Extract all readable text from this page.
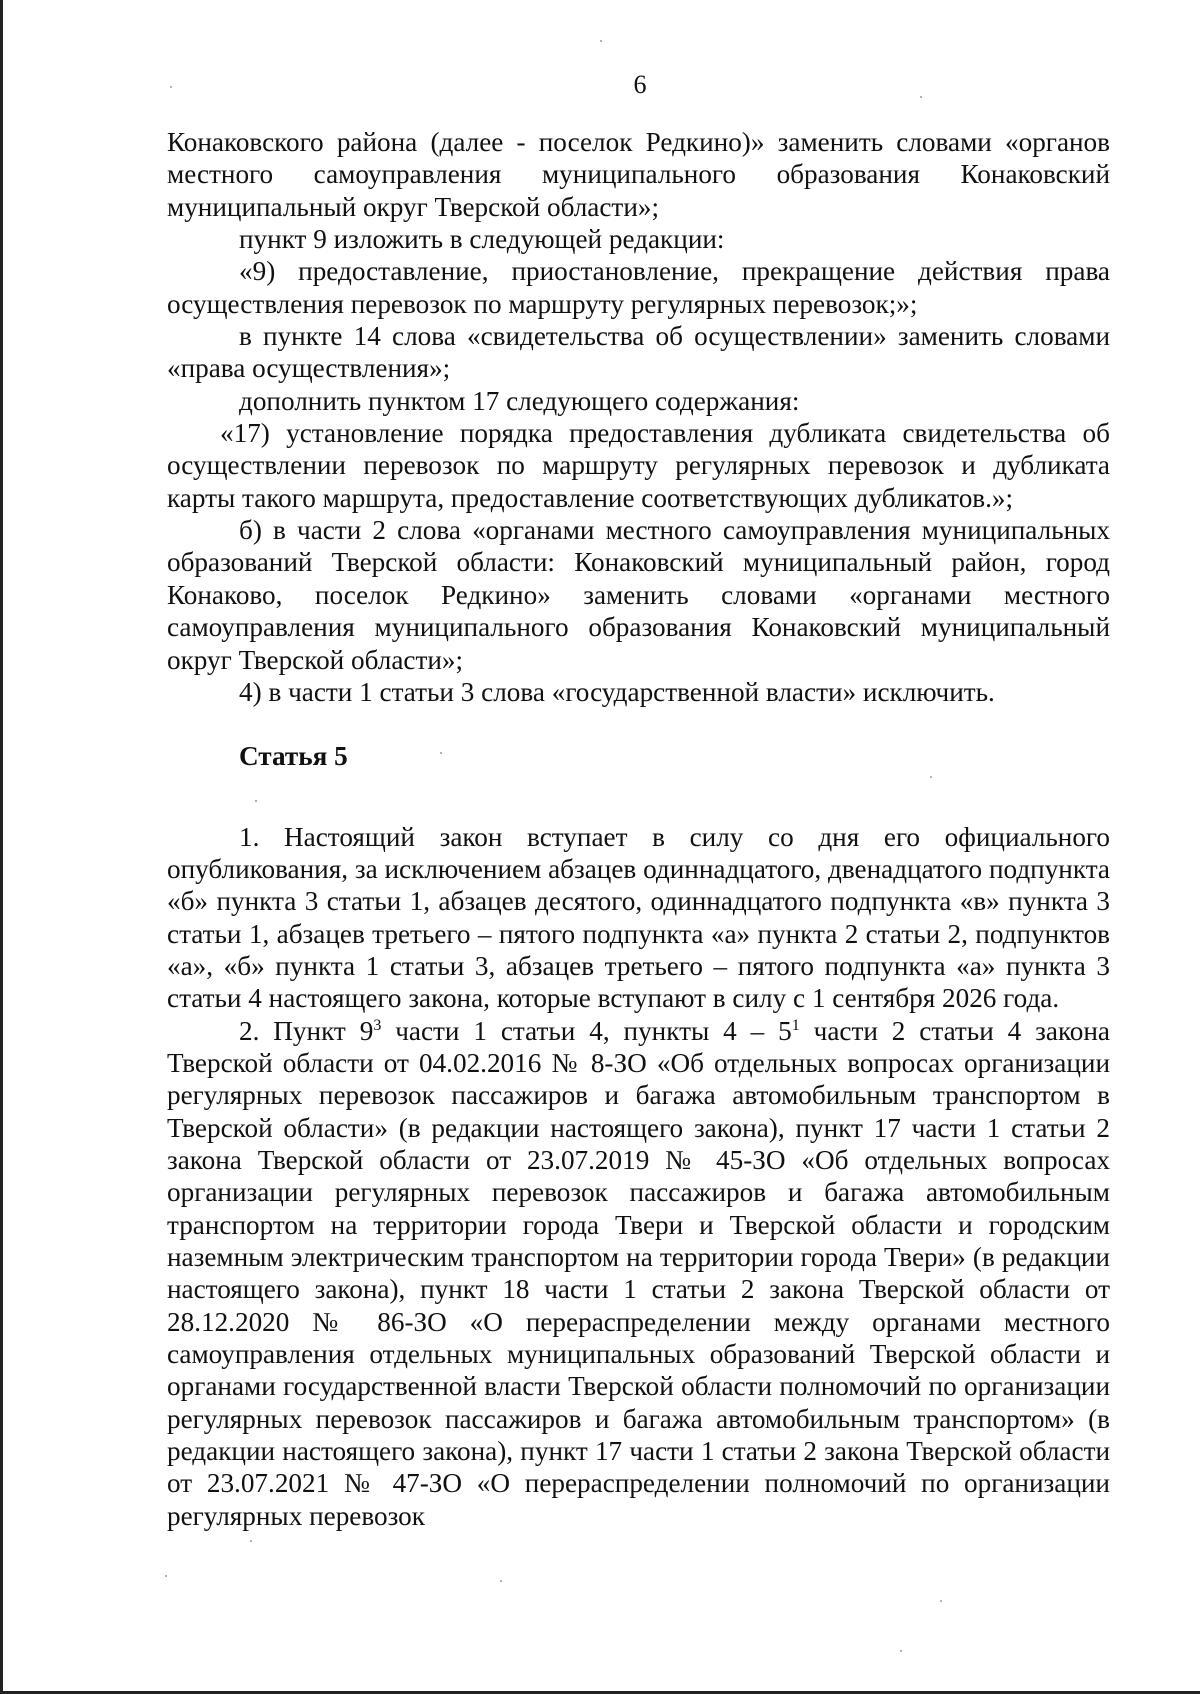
6

Конаковского района (далее - поселок Редкино)» заменить словами «органов местного самоуправления муниципального образования Конаковский муниципальный округ Тверской области»;

пункт 9 изложить в следующей редакции:

«9) предоставление, приостановление, прекращение действия права осуществления перевозок по маршруту регулярных перевозок;»;

в пункте 14 слова «свидетельства об осуществлении» заменить словами «права осуществления»;

дополнить пунктом 17 следующего содержания:

«17) установление порядка предоставления дубликата свидетельства об осуществлении перевозок по маршруту регулярных перевозок и дубликата карты такого маршрута, предоставление соответствующих дубликатов.»;

б) в части 2 слова «органами местного самоуправления муниципальных образований Тверской области: Конаковский муниципальный район, город Конаково, поселок Редкино» заменить словами «органами местного самоуправления муниципального образования Конаковский муниципальный округ Тверской области»;

4) в части 1 статьи 3 слова «государственной власти» исключить.

Статья 5

1. Настоящий закон вступает в силу со дня его официального опубликования, за исключением абзацев одиннадцатого, двенадцатого подпункта «б» пункта 3 статьи 1, абзацев десятого, одиннадцатого подпункта «в» пункта 3 статьи 1, абзацев третьего – пятого подпункта «а» пункта 2 статьи 2, подпунктов «а», «б» пункта 1 статьи 3, абзацев третьего – пятого подпункта «а» пункта 3 статьи 4 настоящего закона, которые вступают в силу с 1 сентября 2026 года.

2. Пункт $9^3$ части 1 статьи 4, пункты $4 - 5^1$ части 2 статьи 4 закона Тверской области от 04.02.2016 № 8-ЗО «Об отдельных вопросах организации регулярных перевозок пассажиров и багажа автомобильным транспортом в Тверской области» (в редакции настоящего закона), пункт 17 части 1 статьи 2 закона Тверской области от 23.07.2019 № 45-ЗО «Об отдельных вопросах организации регулярных перевозок пассажиров и багажа автомобильным транспортом на территории города Твери и Тверской области и городским наземным электрическим транспортом на территории города Твери» (в редакции настоящего закона), пункт 18 части 1 статьи 2 закона Тверской области от 28.12.2020 № 86-ЗО «О перераспределении между органами местного самоуправления отдельных муниципальных образований Тверской области и органами государственной власти Тверской области полномочий по организации регулярных перевозок пассажиров и багажа автомобильным транспортом» (в редакции настоящего закона), пункт 17 части 1 статьи 2 закона Тверской области от 23.07.2021 № 47-ЗО «О перераспределении полномочий по организации регулярных перевозок
